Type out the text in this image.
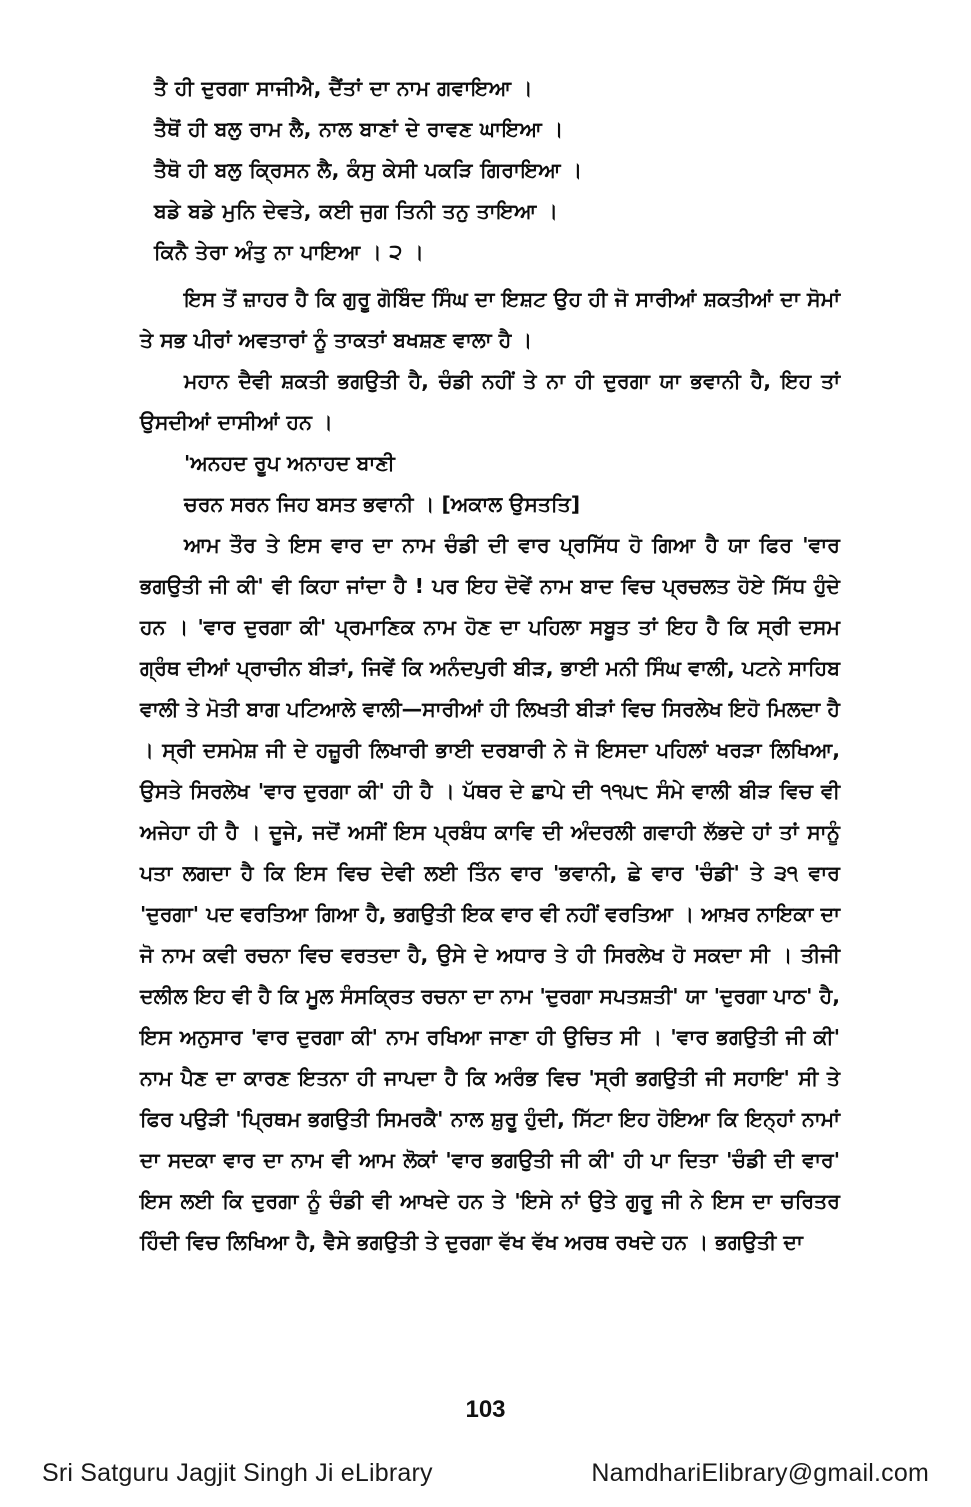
ਤੈ ਹੀ ਦੁਰਗਾ ਸਾਜੀਐ, ਦੈਂਤਾਂ ਦਾ ਨਾਮ ਗਵਾਇਆ ।
ਤੈਥੋਂ ਹੀ ਬਲੁ ਰਾਮ ਲੈ, ਨਾਲ ਬਾਣਾਂ ਦੇ ਰਾਵਣ ਘਾਇਆ ।
ਤੈਥੋ ਹੀ ਬਲੁ ਕ੍ਰਿਸਨ ਲੈ, ਕੰਸੁ ਕੇਸੀ ਪਕੜਿ ਗਿਰਾਇਆ ।
ਬਡੇ ਬਡੇ ਮੁਨਿ ਦੇਵਤੇ, ਕਈ ਜੁਗ ਤਿਨੀ ਤਨੁ ਤਾਇਆ ।
ਕਿਨੈ ਤੇਰਾ ਅੰਤੁ ਨਾ ਪਾਇਆ । ੨ ।

ਇਸ ਤੋਂ ਜ਼ਾਹਰ ਹੈ ਕਿ ਗੁਰੂ ਗੋਬਿੰਦ ਸਿੰਘ ਦਾ ਇਸ਼ਟ ਉਹ ਹੀ ਜੋ ਸਾਰੀਆਂ ਸ਼ਕਤੀਆਂ ਦਾ ਸੋਮਾਂ ਤੇ ਸਭ ਪੀਰਾਂ ਅਵਤਾਰਾਂ ਨੂੰ ਤਾਕਤਾਂ ਬਖਸ਼ਣ ਵਾਲਾ ਹੈ ।

ਮਹਾਨ ਦੈਵੀ ਸ਼ਕਤੀ ਭਗਉਤੀ ਹੈ, ਚੰਡੀ ਨਹੀਂ ਤੇ ਨਾ ਹੀ ਦੁਰਗਾ ਯਾ ਭਵਾਨੀ ਹੈ, ਇਹ ਤਾਂ ਉਸਦੀਆਂ ਦਾਸੀਆਂ ਹਨ ।

'ਅਨਹਦ ਰੂਪ ਅਨਾਹਦ ਬਾਣੀ
ਚਰਨ ਸਰਨ ਜਿਹ ਬਸਤ ਭਵਾਨੀ । [ਅਕਾਲ ਉਸਤਤਿ]

ਆਮ ਤੌਰ ਤੇ ਇਸ ਵਾਰ ਦਾ ਨਾਮ ਚੰਡੀ ਦੀ ਵਾਰ ਪ੍ਰਸਿੱਧ ਹੋ ਗਿਆ ਹੈ ਯਾ ਫਿਰ 'ਵਾਰ ਭਗਉਤੀ ਜੀ ਕੀ' ਵੀ ਕਿਹਾ ਜਾਂਦਾ ਹੈ ! ਪਰ ਇਹ ਦੋਵੇਂ ਨਾਮ ਬਾਦ ਵਿਚ ਪ੍ਰਚਲਤ ਹੋਏ ਸਿੱਧ ਹੁੰਦੇ ਹਨ । 'ਵਾਰ ਦੁਰਗਾ ਕੀ' ਪ੍ਰਮਾਣਿਕ ਨਾਮ ਹੋਣ ਦਾ ਪਹਿਲਾ ਸਬੂਤ ਤਾਂ ਇਹ ਹੈ ਕਿ ਸ੍ਰੀ ਦਸਮ ਗ੍ਰੰਥ ਦੀਆਂ ਪ੍ਰਾਚੀਨ ਬੀੜਾਂ, ਜਿਵੇਂ ਕਿ ਅਨੰਦਪੁਰੀ ਬੀੜ, ਭਾਈ ਮਨੀ ਸਿੰਘ ਵਾਲੀ, ਪਟਨੇ ਸਾਹਿਬ ਵਾਲੀ ਤੇ ਮੋਤੀ ਬਾਗ ਪਟਿਆਲੇ ਵਾਲੀ—ਸਾਰੀਆਂ ਹੀ ਲਿਖਤੀ ਬੀੜਾਂ ਵਿਚ ਸਿਰਲੇਖ ਇਹੋ ਮਿਲਦਾ ਹੈ । ਸ੍ਰੀ ਦਸਮੇਸ਼ ਜੀ ਦੇ ਹਜ਼ੂਰੀ ਲਿਖਾਰੀ ਭਾਈ ਦਰਬਾਰੀ ਨੇ ਜੋ ਇਸਦਾ ਪਹਿਲਾਂ ਖਰੜਾ ਲਿਖਿਆ, ਉਸਤੇ ਸਿਰਲੇਖ 'ਵਾਰ ਦੁਰਗਾ ਕੀ' ਹੀ ਹੈ । ਪੱਥਰ ਦੇ ਛਾਪੇ ਦੀ ੧੧੫੮ ਸੰਮੇ ਵਾਲੀ ਬੀੜ ਵਿਚ ਵੀ ਅਜੇਹਾ ਹੀ ਹੈ । ਦੂਜੇ, ਜਦੋਂ ਅਸੀਂ ਇਸ ਪ੍ਰਬੰਧ ਕਾਵਿ ਦੀ ਅੰਦਰਲੀ ਗਵਾਹੀ ਲੱਭਦੇ ਹਾਂ ਤਾਂ ਸਾਨੂੰ ਪਤਾ ਲਗਦਾ ਹੈ ਕਿ ਇਸ ਵਿਚ ਦੇਵੀ ਲਈ ਤਿੰਨ ਵਾਰ 'ਭਵਾਨੀ, ਛੇ ਵਾਰ 'ਚੰਡੀ' ਤੇ ੩੧ ਵਾਰ 'ਦੁਰਗਾ' ਪਦ ਵਰਤਿਆ ਗਿਆ ਹੈ, ਭਗਉਤੀ ਇਕ ਵਾਰ ਵੀ ਨਹੀਂ ਵਰਤਿਆ । ਆਖ਼ਰ ਨਾਇਕਾ ਦਾ ਜੋ ਨਾਮ ਕਵੀ ਰਚਨਾ ਵਿਚ ਵਰਤਦਾ ਹੈ, ਉਸੇ ਦੇ ਅਧਾਰ ਤੇ ਹੀ ਸਿਰਲੇਖ ਹੋ ਸਕਦਾ ਸੀ । ਤੀਜੀ ਦਲੀਲ ਇਹ ਵੀ ਹੈ ਕਿ ਮੂਲ ਸੰਸਕ੍ਰਿਤ ਰਚਨਾ ਦਾ ਨਾਮ 'ਦੁਰਗਾ ਸਪਤਸ਼ਤੀ' ਯਾ 'ਦੁਰਗਾ ਪਾਠ' ਹੈ, ਇਸ ਅਨੁਸਾਰ 'ਵਾਰ ਦੁਰਗਾ ਕੀ' ਨਾਮ ਰਖਿਆ ਜਾਣਾ ਹੀ ਉਚਿਤ ਸੀ । 'ਵਾਰ ਭਗਉਤੀ ਜੀ ਕੀ' ਨਾਮ ਪੈਣ ਦਾ ਕਾਰਣ ਇਤਨਾ ਹੀ ਜਾਪਦਾ ਹੈ ਕਿ ਅਰੰਭ ਵਿਚ 'ਸ੍ਰੀ ਭਗਉਤੀ ਜੀ ਸਹਾਇ' ਸੀ ਤੇ ਫਿਰ ਪਉੜੀ 'ਪ੍ਰਿਥਮ ਭਗਉਤੀ ਸਿਮਰਕੈ' ਨਾਲ ਸ਼ੁਰੂ ਹੁੰਦੀ, ਸਿੱਟਾ ਇਹ ਹੋਇਆ ਕਿ ਇਨ੍ਹਾਂ ਨਾਮਾਂ ਦਾ ਸਦਕਾ ਵਾਰ ਦਾ ਨਾਮ ਵੀ ਆਮ ਲੋਕਾਂ 'ਵਾਰ ਭਗਉਤੀ ਜੀ ਕੀ' ਹੀ ਪਾ ਦਿਤਾ 'ਚੰਡੀ ਦੀ ਵਾਰ' ਇਸ ਲਈ ਕਿ ਦੁਰਗਾ ਨੂੰ ਚੰਡੀ ਵੀ ਆਖਦੇ ਹਨ ਤੇ 'ਇਸੇ ਨਾਂ ਉਤੇ ਗੁਰੂ ਜੀ ਨੇ ਇਸ ਦਾ ਚਰਿਤਰ ਹਿੰਦੀ ਵਿਚ ਲਿਖਿਆ ਹੈ, ਵੈਸੇ ਭਗਉਤੀ ਤੇ ਦੁਰਗਾ ਵੱਖ ਵੱਖ ਅਰਥ ਰਖਦੇ ਹਨ । ਭਗਉਤੀ ਦਾ

103
Sri Satguru Jagjit Singh Ji eLibrary	NamdhariElibrary@gmail.com
